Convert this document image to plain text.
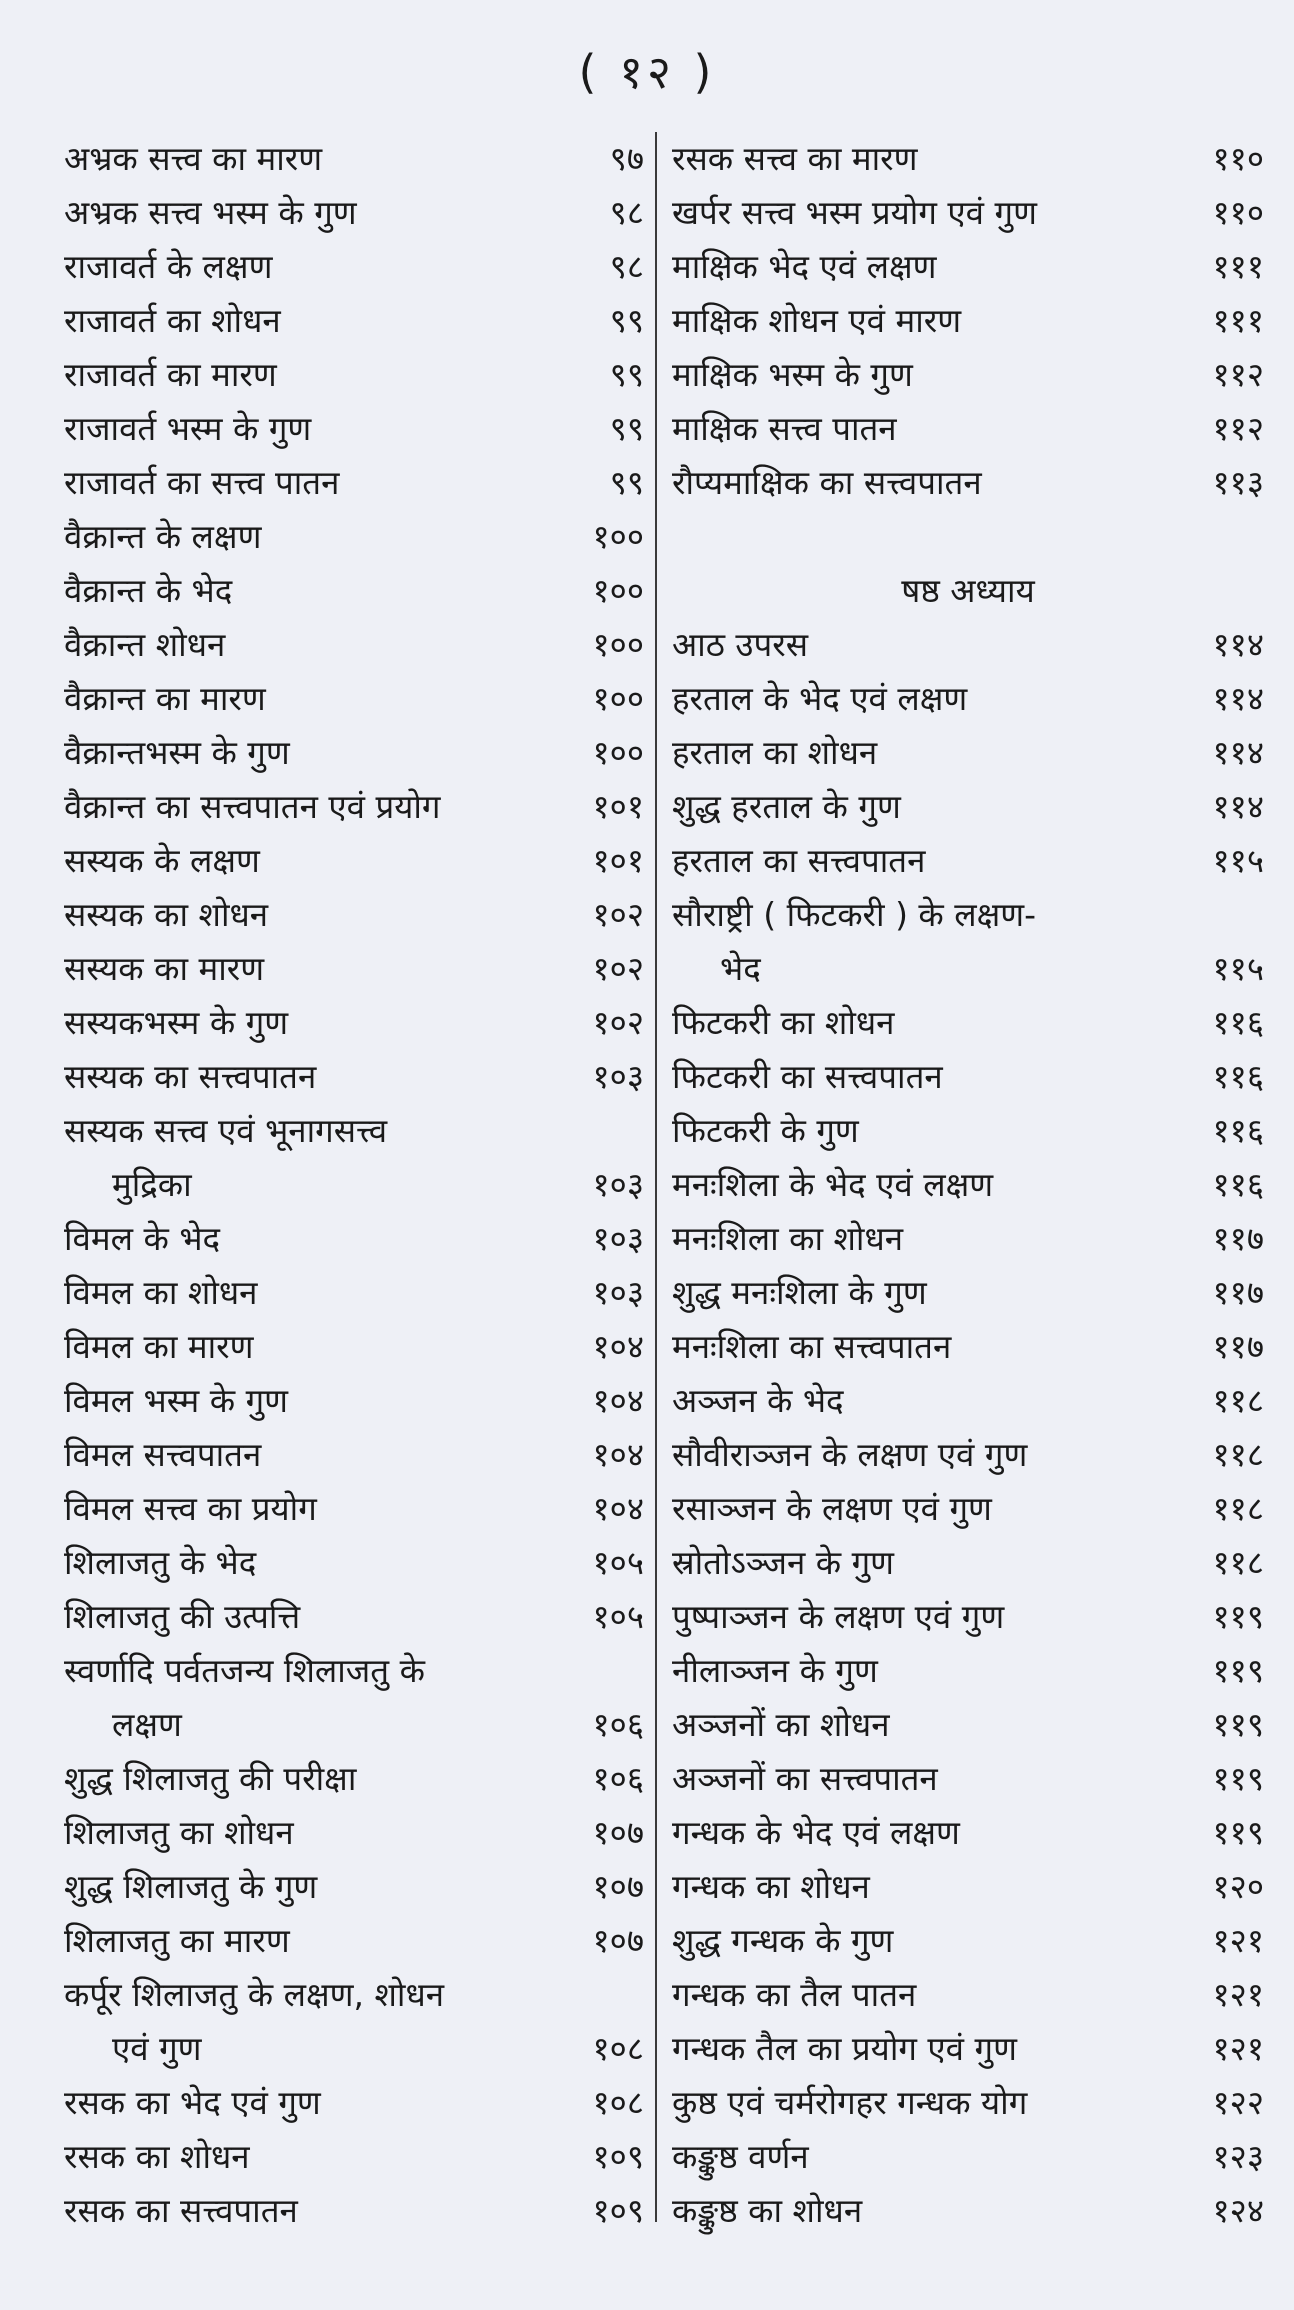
( १२ )
अभ्रक सत्त्व का मारण	९७
अभ्रक सत्त्व भस्म के गुण	९८
राजावर्त के लक्षण	९८
राजावर्त का शोधन	९९
राजावर्त का मारण	९९
राजावर्त भस्म के गुण	९९
राजावर्त का सत्त्व पातन	९९
वैक्रान्त के लक्षण	१००
वैक्रान्त के भेद	१००
वैक्रान्त शोधन	१००
वैक्रान्त का मारण	१००
वैक्रान्तभस्म के गुण	१००
वैक्रान्त का सत्त्वपातन एवं प्रयोग	१०१
सस्यक के लक्षण	१०१
सस्यक का शोधन	१०२
सस्यक का मारण	१०२
सस्यकभस्म के गुण	१०२
सस्यक का सत्त्वपातन	१०३
सस्यक सत्त्व एवं भूनागसत्त्व
मुद्रिका	१०३
विमल के भेद	१०३
विमल का शोधन	१०३
विमल का मारण	१०४
विमल भस्म के गुण	१०४
विमल सत्त्वपातन	१०४
विमल सत्त्व का प्रयोग	१०४
शिलाजतु के भेद	१०५
शिलाजतु की उत्पत्ति	१०५
स्वर्णादि पर्वतजन्य शिलाजतु के
लक्षण	१०६
शुद्ध शिलाजतु की परीक्षा	१०६
शिलाजतु का शोधन	१०७
शुद्ध शिलाजतु के गुण	१०७
शिलाजतु का मारण	१०७
कर्पूर शिलाजतु के लक्षण, शोधन
एवं गुण	१०८
रसक का भेद एवं गुण	१०८
रसक का शोधन	१०९
रसक का सत्त्वपातन	१०९
रसक सत्त्व का मारण	११०
खर्पर सत्त्व भस्म प्रयोग एवं गुण	११०
माक्षिक भेद एवं लक्षण	१११
माक्षिक शोधन एवं मारण	१११
माक्षिक भस्म के गुण	११२
माक्षिक सत्त्व पातन	११२
रौप्यमाक्षिक का सत्त्वपातन	११३
षष्ठ अध्याय
आठ उपरस	११४
हरताल के भेद एवं लक्षण	११४
हरताल का शोधन	११४
शुद्ध हरताल के गुण	११४
हरताल का सत्त्वपातन	११५
सौराष्ट्री ( फिटकरी ) के लक्षण-
भेद	११५
फिटकरी का शोधन	११६
फिटकरी का सत्त्वपातन	११६
फिटकरी के गुण	११६
मनःशिला के भेद एवं लक्षण	११६
मनःशिला का शोधन	११७
शुद्ध मनःशिला के गुण	११७
मनःशिला का सत्त्वपातन	११७
अञ्जन के भेद	११८
सौवीराञ्जन के लक्षण एवं गुण	११८
रसाञ्जन के लक्षण एवं गुण	११८
स्रोतोऽञ्जन के गुण	११८
पुष्पाञ्जन के लक्षण एवं गुण	११९
नीलाञ्जन के गुण	११९
अञ्जनों का शोधन	११९
अञ्जनों का सत्त्वपातन	११९
गन्धक के भेद एवं लक्षण	११९
गन्धक का शोधन	१२०
शुद्ध गन्धक के गुण	१२१
गन्धक का तैल पातन	१२१
गन्धक तैल का प्रयोग एवं गुण	१२१
कुष्ठ एवं चर्मरोगहर गन्धक योग	१२२
कङ्कुष्ठ वर्णन	१२३
कङ्कुष्ठ का शोधन	१२४
